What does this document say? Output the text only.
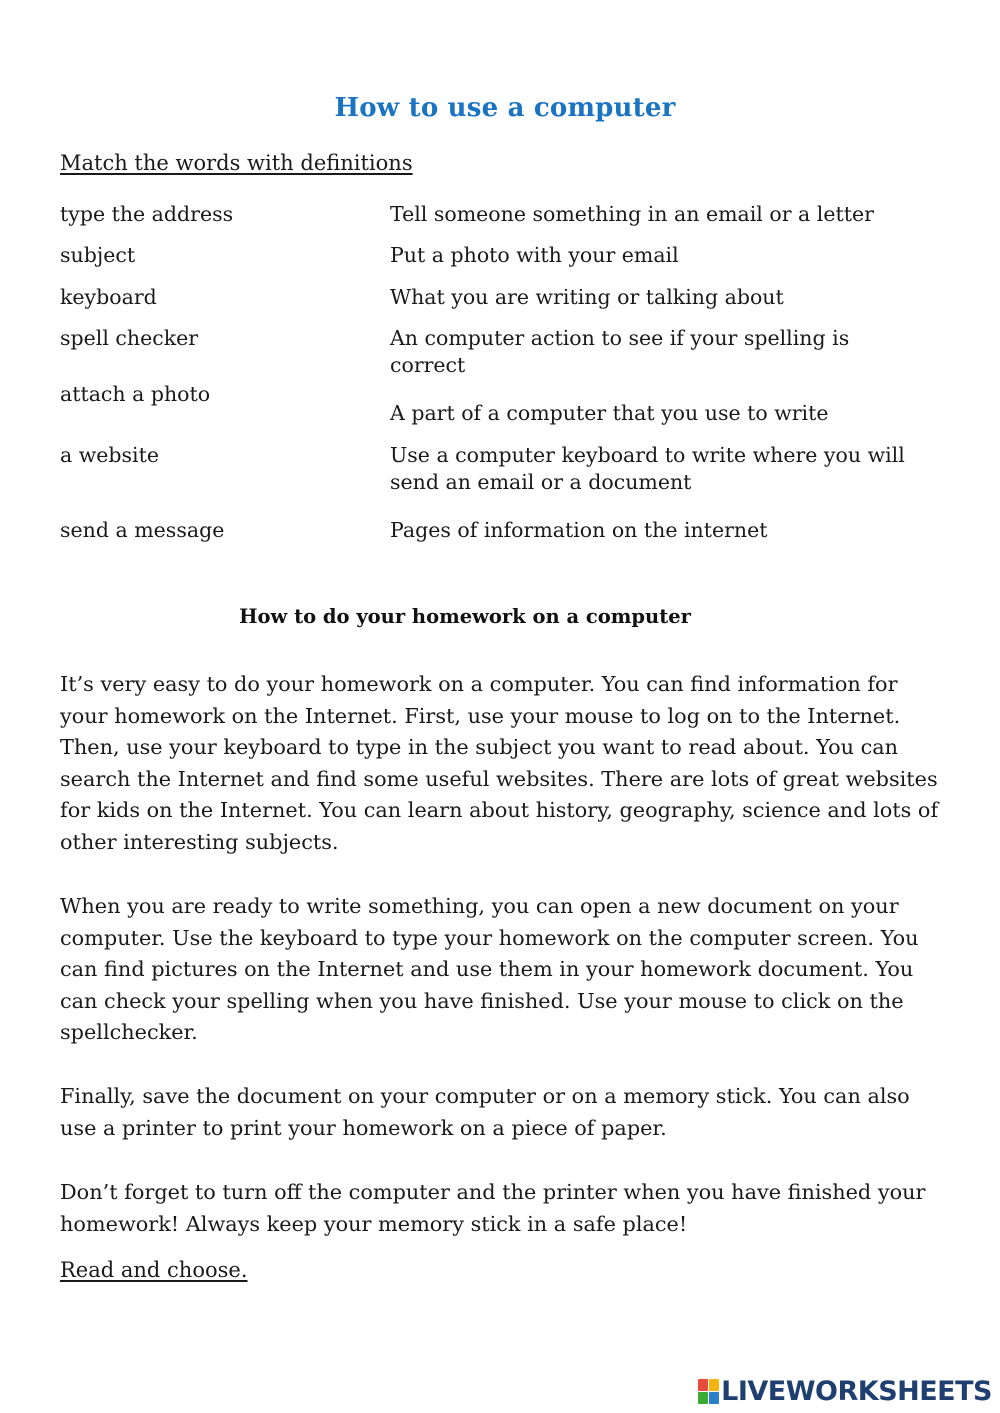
How to use a computer
Match the words with definitions
type the address
subject
keyboard
spell checker
attach a photo
a website
send a message
Tell someone something in an email or a letter
Put a photo with your email
What you are writing or talking about
An computer action to see if your spelling is correct
A part of a computer that you use to write
Use a computer keyboard to write where you will send an email or a document
Pages of information on the internet
How to do your homework on a computer
It’s very easy to do your homework on a computer. You can find information for your homework on the Internet. First, use your mouse to log on to the Internet. Then, use your keyboard to type in the subject you want to read about. You can search the Internet and find some useful websites. There are lots of great websites for kids on the Internet. You can learn about history, geography, science and lots of other interesting subjects.
When you are ready to write something, you can open a new document on your computer. Use the keyboard to type your homework on the computer screen. You can find pictures on the Internet and use them in your homework document. You can check your spelling when you have finished. Use your mouse to click on the spellchecker.
Finally, save the document on your computer or on a memory stick. You can also use a printer to print your homework on a piece of paper.
Don’t forget to turn off the computer and the printer when you have finished your homework! Always keep your memory stick in a safe place!
Read and choose.
LIVEWORKSHEETS
